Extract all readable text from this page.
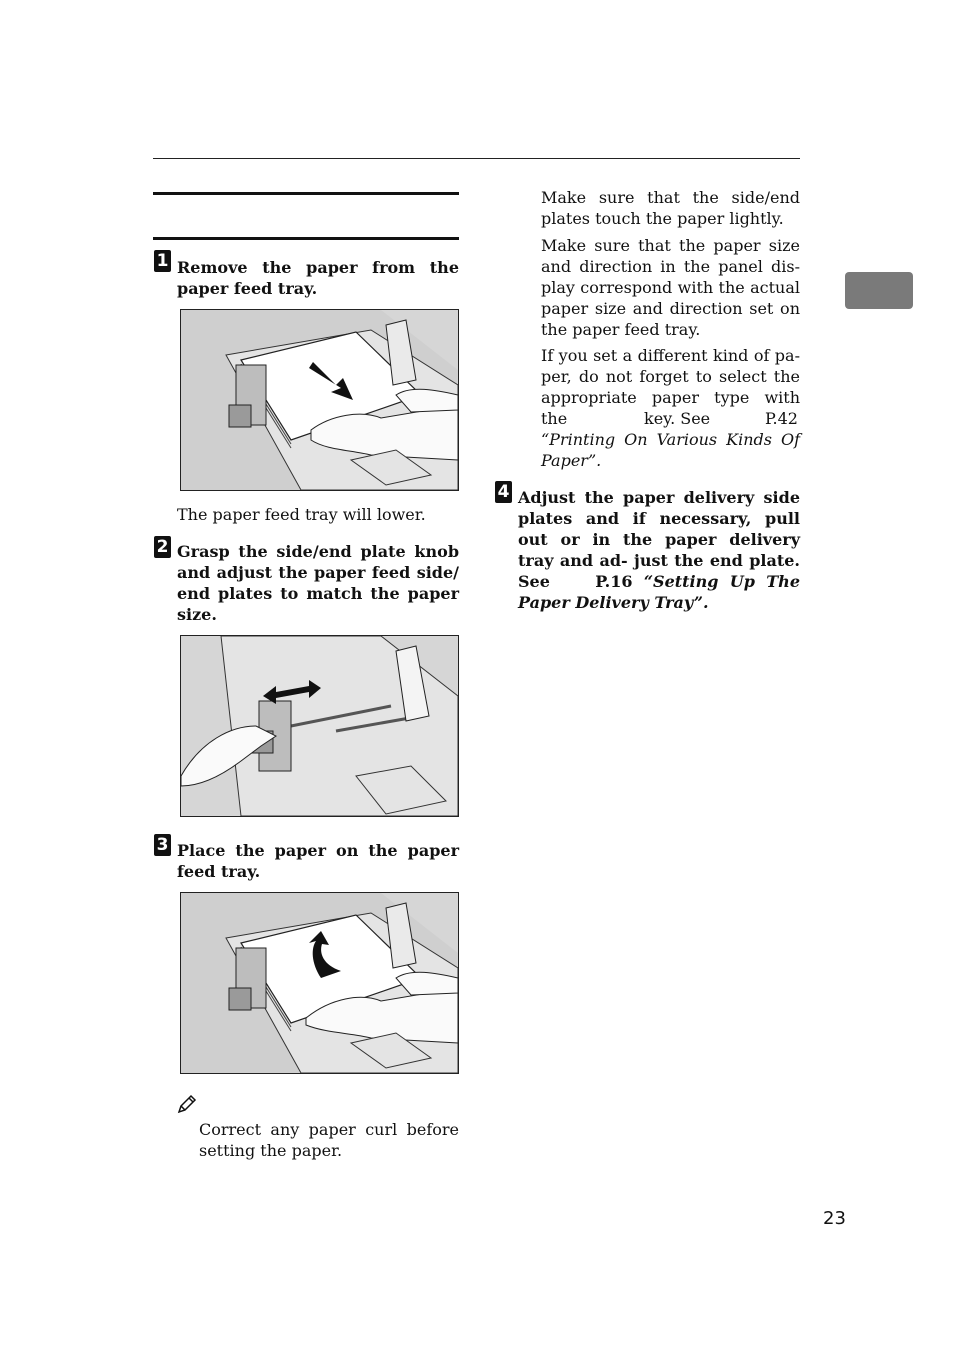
1 Remove the paper from the paper feed tray.
The paper feed tray will lower.
2 Grasp the side/end plate knob and adjust the paper feed side/ end plates to match the paper size.
3 Place the paper on the paper feed tray.
Correct any paper curl before setting the paper.
Make sure that the side/end plates touch the paper lightly.
Make sure that the paper size and direction in the panel dis- play correspond with the actual paper size and direction set on the paper feed tray.
If you set a different kind of pa- per, do not forget to select the appropriate paper type with the	key. See	P.42
“Printing On Various Kinds Of Paper”.
4 Adjust the paper delivery side plates and if necessary, pull out or in the paper delivery tray and ad- just the end plate. See P.16 “Setting Up The Paper Delivery Tray”.
23
